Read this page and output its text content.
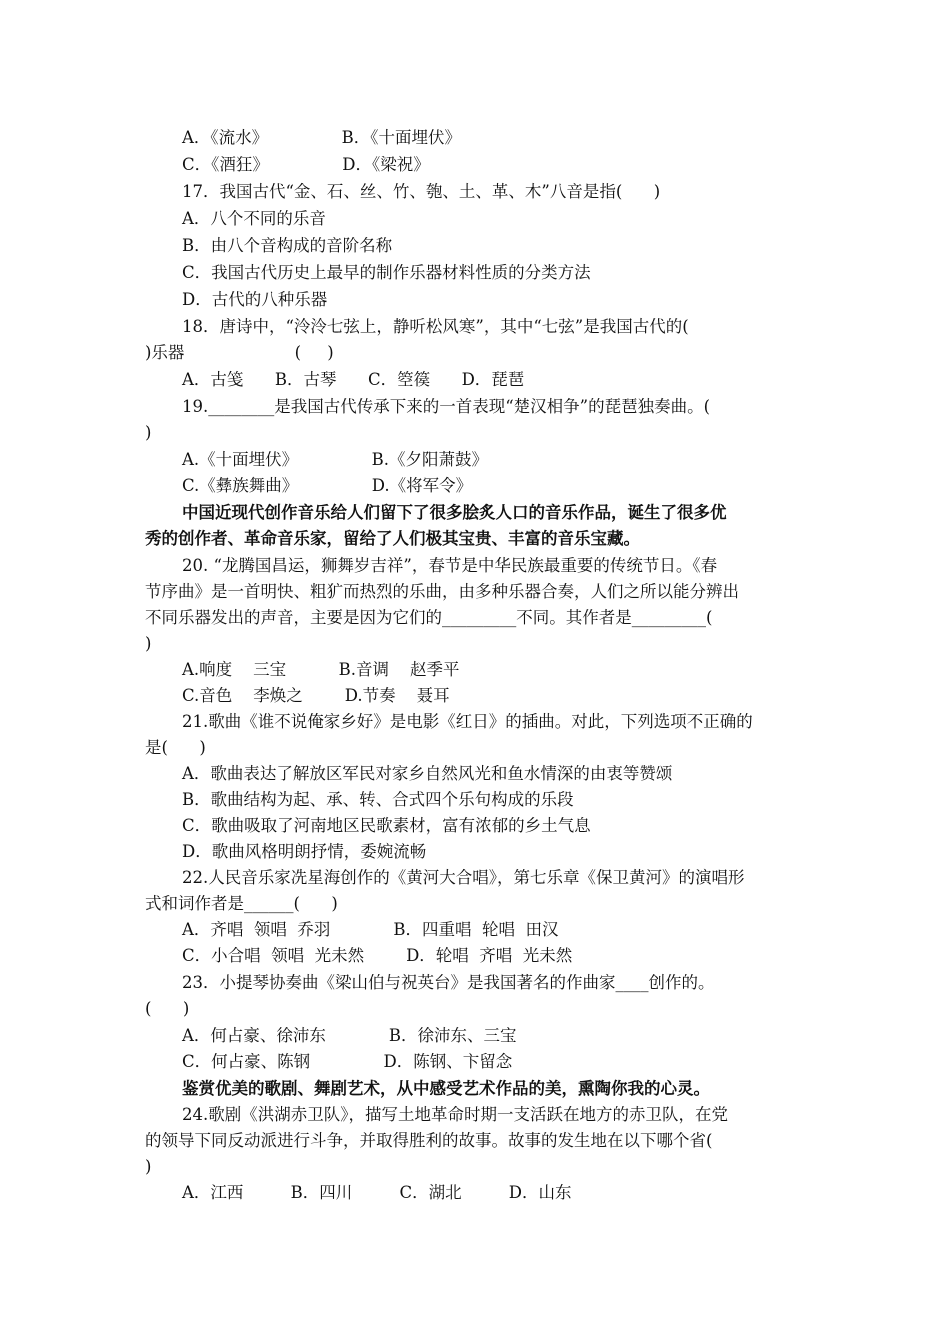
A．《流水》              B．《十面埋伏》
C．《酒狂》              D．《梁祝》
17．我国古代“金、石、丝、竹、匏、土、革、木”八音是指(      )
A．八个不同的乐音
B．由八个音构成的音阶名称
C．我国古代历史上最早的制作乐器材料性质的分类方法
D．古代的八种乐器
18．唐诗中，“泠泠七弦上，静听松风寒”，其中“七弦”是我国古代的(
)乐器                     (     )
A．古笺      B．古琴      C．箜篌      D．琵琶
19.________是我国古代传承下来的一首表现“楚汉相争”的琵琶独奏曲。(
)
A.《十面埋伏》              B.《夕阳萧鼓》
C.《彝族舞曲》              D.《将军令》
中国近现代创作音乐给人们留下了很多脍炙人口的音乐作品，诞生了很多优
秀的创作者、革命音乐家，留给了人们极其宝贵、丰富的音乐宝藏。
20. “龙腾国昌运，狮舞岁吉祥”，春节是中华民族最重要的传统节日。《春
节序曲》是一首明快、粗犷而热烈的乐曲，由多种乐器合奏，人们之所以能分辨出
不同乐器发出的声音，主要是因为它们的_________不同。其作者是_________(
)
A.响度    三宝          B.音调    赵季平
C.音色    李焕之        D.节奏    聂耳
21.歌曲《谁不说俺家乡好》是电影《红日》的插曲。对此，下列选项不正确的
是(      )
A．歌曲表达了解放区军民对家乡自然风光和鱼水情深的由衷等赞颂
B．歌曲结构为起、承、转、合式四个乐句构成的乐段
C．歌曲吸取了河南地区民歌素材，富有浓郁的乡土气息
D．歌曲风格明朗抒情，委婉流畅
22.人民音乐家冼星海创作的《黄河大合唱》，第七乐章《保卫黄河》的演唱形
式和词作者是______(      )
A．齐唱  领唱  乔羽            B．四重唱  轮唱  田汉
C．小合唱  领唱  光未然        D．轮唱  齐唱  光未然
23．小提琴协奏曲《梁山伯与祝英台》是我国著名的作曲家____创作的。
(      )
A．何占豪、徐沛东            B．徐沛东、三宝
C．何占豪、陈钢              D．陈钢、卞留念
鉴赏优美的歌剧、舞剧艺术，从中感受艺术作品的美，熏陶你我的心灵。
24.歌剧《洪湖赤卫队》，描写土地革命时期一支活跃在地方的赤卫队，在党
的领导下同反动派进行斗争，并取得胜利的故事。故事的发生地在以下哪个省(
)
A．江西         B．四川         C．湖北         D．山东
